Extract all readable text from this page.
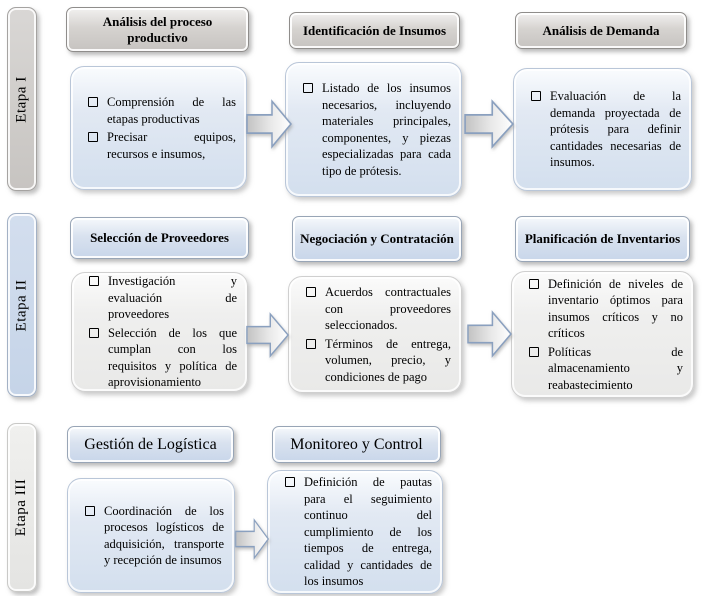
Etapa I
Análisis del proceso productivo	Identificación de Insumos	Análisis de Demanda
Comprensión de las etapas productivas
Precisar equipos, recursos e insumos,
Listado de los insumos necesarios, incluyendo materiales principales, componentes, y piezas especializadas para cada tipo de prótesis.
Evaluación de la demanda proyectada de prótesis para definir cantidades necesarias de insumos.
Etapa II
Selección de Proveedores	Negociación y Contratación	Planificación de Inventarios
Investigación y evaluación de proveedores
Selección de los que cumplan con los requisitos y política de aprovisionamiento
Acuerdos contractuales con proveedores seleccionados.
Términos de entrega, volumen, precio, y condiciones de pago
Definición de niveles de inventario óptimos para insumos críticos y no críticos
Políticas de almacenamiento y reabastecimiento
Etapa III
Gestión de Logística	Monitoreo y Control
Coordinación de los procesos logísticos de adquisición, transporte y recepción de insumos
Definición de pautas para el seguimiento continuo del cumplimiento de los tiempos de entrega, calidad y cantidades de los insumos
